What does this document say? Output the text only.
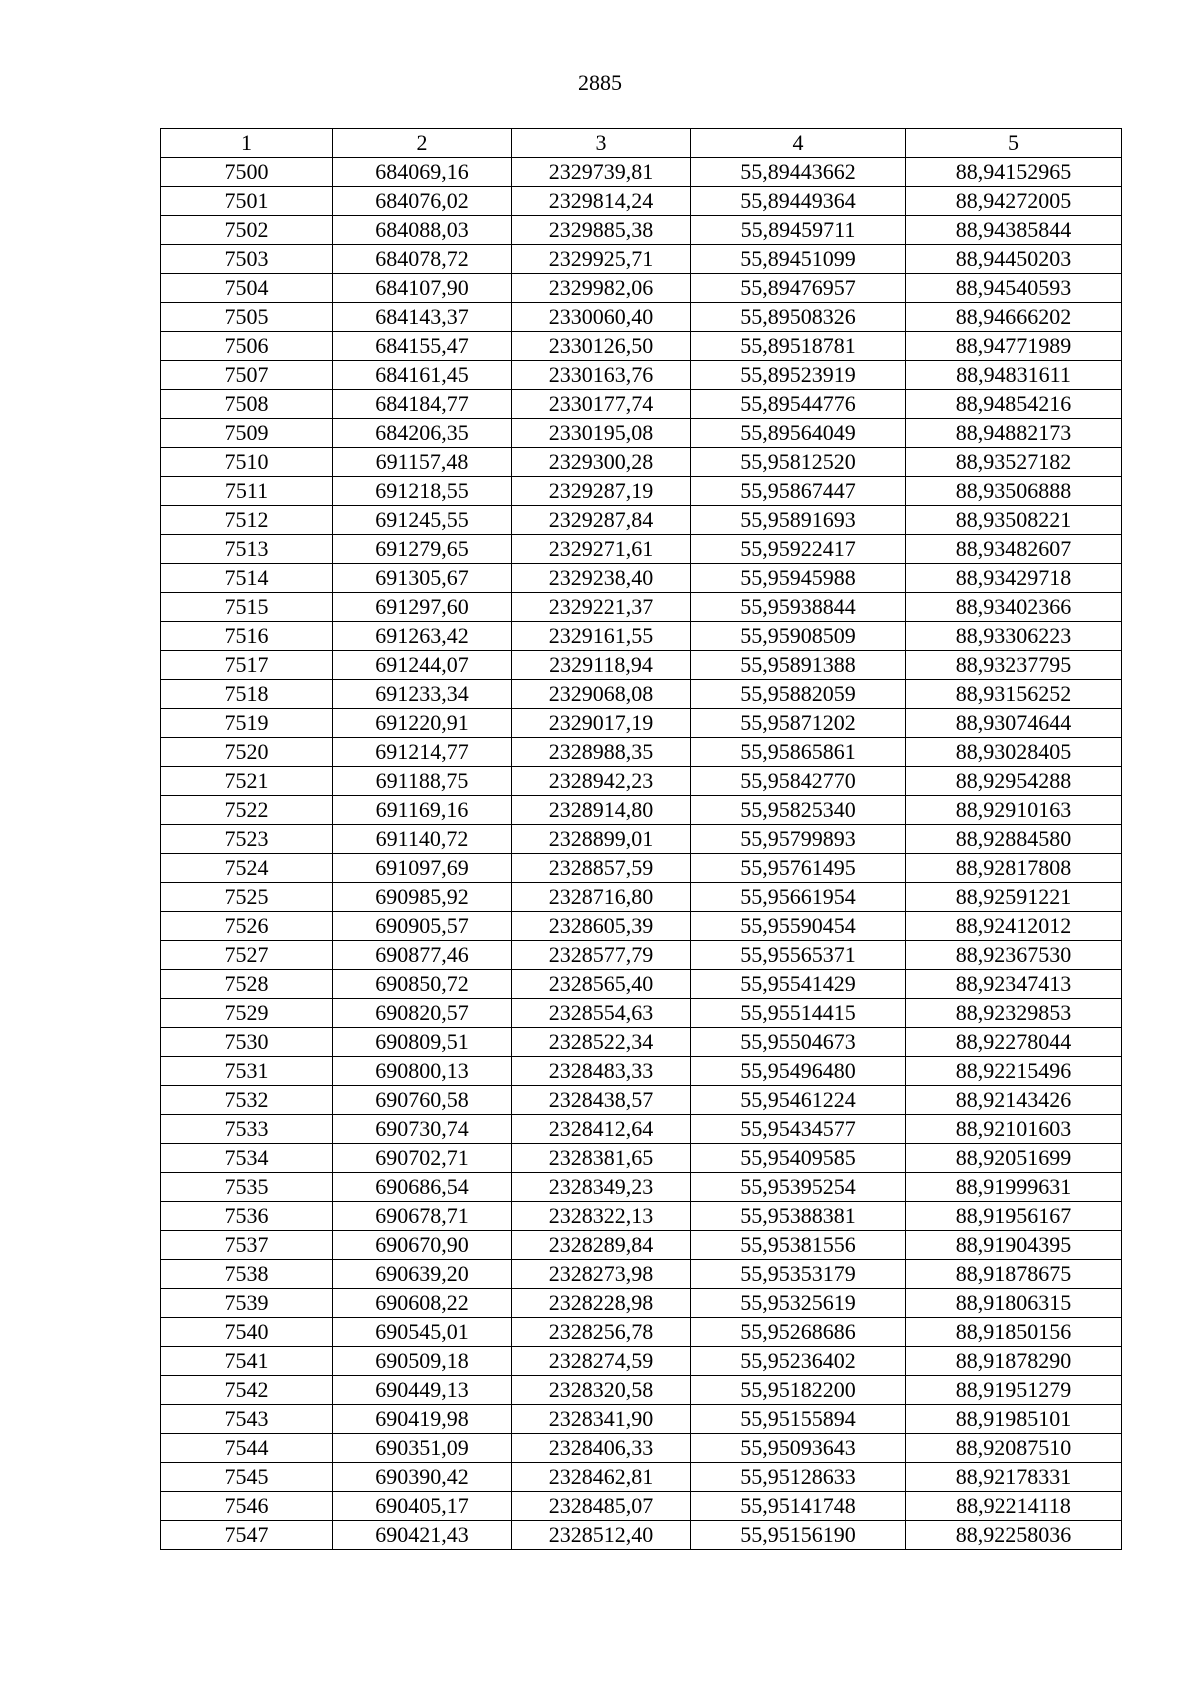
2885
1	2	3	4	5
7500	684069,16	2329739,81	55,89443662	88,94152965
7501	684076,02	2329814,24	55,89449364	88,94272005
7502	684088,03	2329885,38	55,89459711	88,94385844
7503	684078,72	2329925,71	55,89451099	88,94450203
7504	684107,90	2329982,06	55,89476957	88,94540593
7505	684143,37	2330060,40	55,89508326	88,94666202
7506	684155,47	2330126,50	55,89518781	88,94771989
7507	684161,45	2330163,76	55,89523919	88,94831611
7508	684184,77	2330177,74	55,89544776	88,94854216
7509	684206,35	2330195,08	55,89564049	88,94882173
7510	691157,48	2329300,28	55,95812520	88,93527182
7511	691218,55	2329287,19	55,95867447	88,93506888
7512	691245,55	2329287,84	55,95891693	88,93508221
7513	691279,65	2329271,61	55,95922417	88,93482607
7514	691305,67	2329238,40	55,95945988	88,93429718
7515	691297,60	2329221,37	55,95938844	88,93402366
7516	691263,42	2329161,55	55,95908509	88,93306223
7517	691244,07	2329118,94	55,95891388	88,93237795
7518	691233,34	2329068,08	55,95882059	88,93156252
7519	691220,91	2329017,19	55,95871202	88,93074644
7520	691214,77	2328988,35	55,95865861	88,93028405
7521	691188,75	2328942,23	55,95842770	88,92954288
7522	691169,16	2328914,80	55,95825340	88,92910163
7523	691140,72	2328899,01	55,95799893	88,92884580
7524	691097,69	2328857,59	55,95761495	88,92817808
7525	690985,92	2328716,80	55,95661954	88,92591221
7526	690905,57	2328605,39	55,95590454	88,92412012
7527	690877,46	2328577,79	55,95565371	88,92367530
7528	690850,72	2328565,40	55,95541429	88,92347413
7529	690820,57	2328554,63	55,95514415	88,92329853
7530	690809,51	2328522,34	55,95504673	88,92278044
7531	690800,13	2328483,33	55,95496480	88,92215496
7532	690760,58	2328438,57	55,95461224	88,92143426
7533	690730,74	2328412,64	55,95434577	88,92101603
7534	690702,71	2328381,65	55,95409585	88,92051699
7535	690686,54	2328349,23	55,95395254	88,91999631
7536	690678,71	2328322,13	55,95388381	88,91956167
7537	690670,90	2328289,84	55,95381556	88,91904395
7538	690639,20	2328273,98	55,95353179	88,91878675
7539	690608,22	2328228,98	55,95325619	88,91806315
7540	690545,01	2328256,78	55,95268686	88,91850156
7541	690509,18	2328274,59	55,95236402	88,91878290
7542	690449,13	2328320,58	55,95182200	88,91951279
7543	690419,98	2328341,90	55,95155894	88,91985101
7544	690351,09	2328406,33	55,95093643	88,92087510
7545	690390,42	2328462,81	55,95128633	88,92178331
7546	690405,17	2328485,07	55,95141748	88,92214118
7547	690421,43	2328512,40	55,95156190	88,92258036
